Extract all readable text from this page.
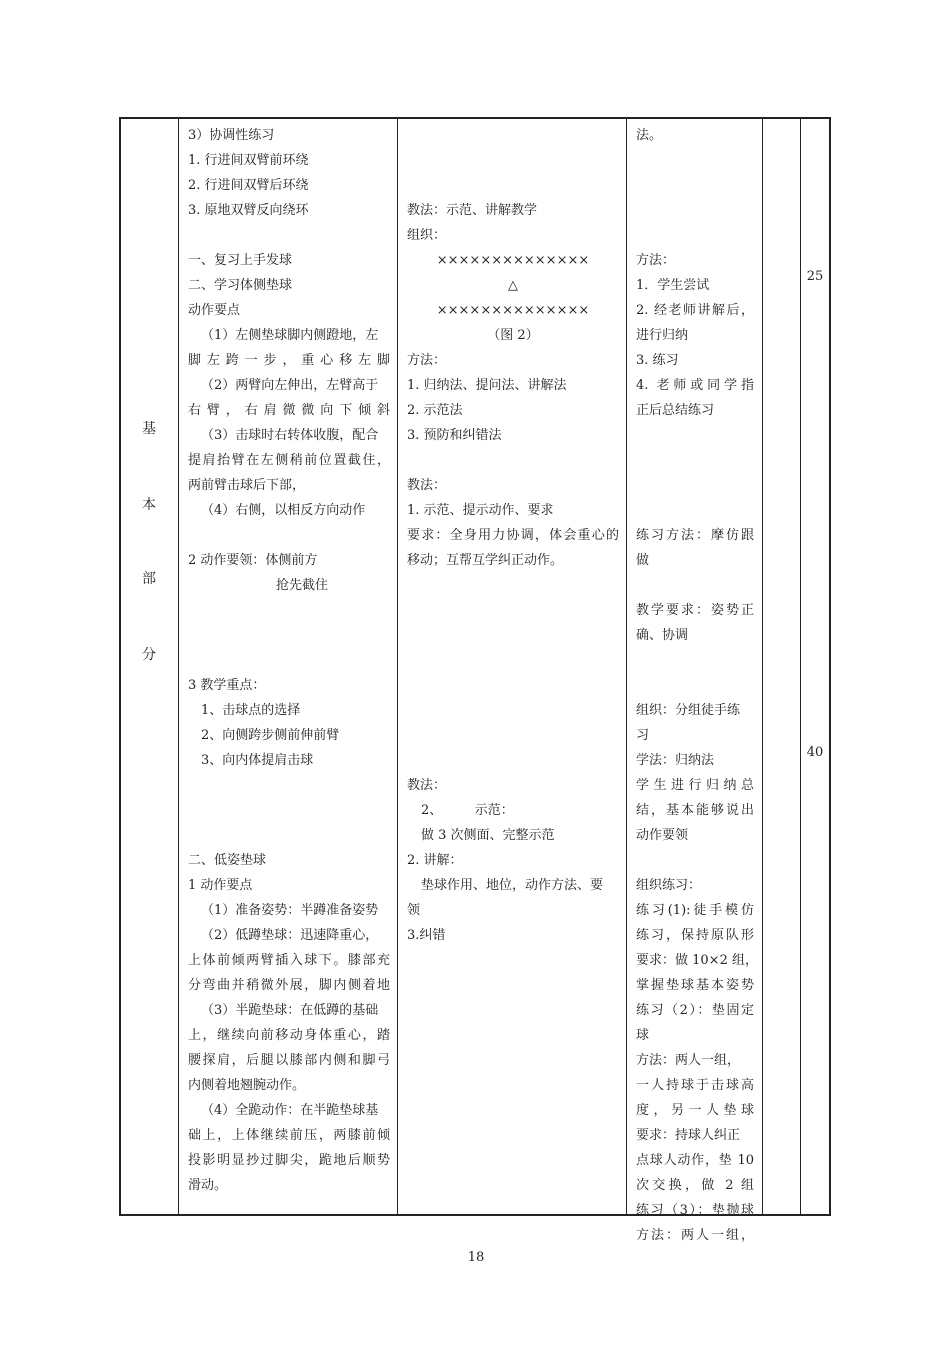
基
本
部
分
3）协调性练习
1. 行进间双臂前环绕
2. 行进间双臂后环绕
3. 原地双臂反向绕环
一、复习上手发球
二、学习体侧垫球
动作要点
（1）左侧垫球脚内侧蹬地，左
脚左跨一步，重心移左脚
（2）两臂向左伸出，左臂高于
右臂，右肩微微向下倾斜
（3）击球时右转体收腹，配合
提肩抬臂在左侧稍前位置截住，
两前臂击球后下部，
（4）右侧，以相反方向动作
2 动作要领：体侧前方
抢先截住
3 教学重点：
1、击球点的选择
2、向侧跨步侧前伸前臂
3、向内体提肩击球
二、低姿垫球
1 动作要点
（1）准备姿势：半蹲准备姿势
（2）低蹲垫球：迅速降重心，
上体前倾两臂插入球下。膝部充
分弯曲并稍微外展，脚内侧着地
（3）半跪垫球：在低蹲的基础
上，继续向前移动身体重心，踏
腰探肩，后腿以膝部内侧和脚弓
内侧着地翘腕动作。
（4）全跪动作：在半跪垫球基
础上，上体继续前压，两膝前倾
投影明显抄过脚尖，跪地后顺势
滑动。
教法：示范、讲解教学
组织：
××××××××××××××
△
××××××××××××××
（图 2）
方法：
1. 归纳法、提问法、讲解法
2. 示范法
3. 预防和纠错法
教法：
1. 示范、提示动作、要求
要求：全身用力协调，体会重心的
移动；互帮互学纠正动作。
教法：
2、　　　示范：
做 3 次侧面、完整示范
2. 讲解：
垫球作用、地位，动作方法、要
领
3.纠错
法。
方法：
1．学生尝试
2. 经老师讲解后，
进行归纳
3. 练习
4. 老师或同学指
正后总结练习
练习方法：摩仿跟
做
教学要求：姿势正
确、协调
组织：分组徒手练
习
学法：归纳法
学生进行归纳总
结，基本能够说出
动作要领
组织练习：
练习(1):徒手模仿
练习，保持原队形
要求：做 10×2 组，
掌握垫球基本姿势
练习（2）：垫固定
球
方法：两人一组，
一人持球于击球高
度，另一人垫球
要求：持球人纠正
点球人动作，垫 10
次交换，做 2 组
练习（3）：垫抛球
方法：两人一组，
25
40
18
